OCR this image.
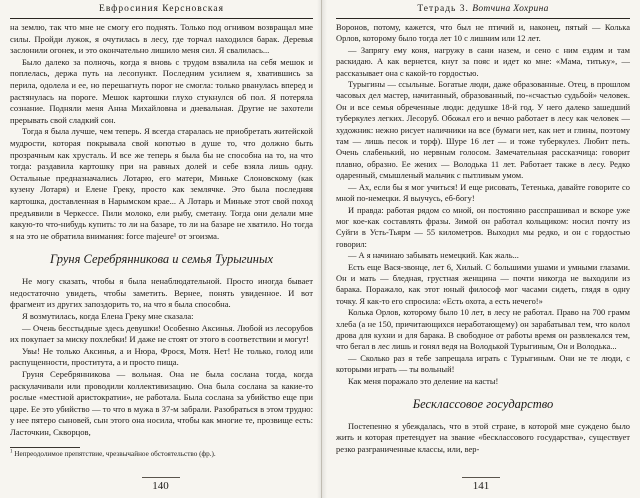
Евфросиния Керсновская

на землю, так что мне не смогу его поднять. Только под огнивом возвращал мне силы. Пройди лужок, я очутилась в лесу, где торчал находился барак. Деревья заслонили огонек, и это окончательно лишило меня сил. Я свалилась...

Было далеко за полночь, когда я вновь с трудом взвалила на себя мешок и поплелась, держа путь на лесопункт. Последним усилием я, хватившись за перила, одолела и ее, но перешагнуть порог не смогла: только рванулась вперед и растянулась на пороге. Мешок картошки глухо стукнулся об пол. Я потеряла сознание. Подняли меня Анна Михайловна и дневальная. Другие не захотели прерывать свой сладкий сон.

Тогда я была лучше, чем теперь. Я всегда старалась не приобретать житейской мудрости, которая покрывала свой копотью в душе то, что должно быть прозрачным как хрусталь. И все же теперь я была бы не способна на то, на что тогда: раздавила картошку при на равных долей и себе взяла лишь одну. Остальные предназначались Лотарю, его матери, Миньке Слоновскому (как кузену Лотаря) и Елене Греку, просто как землячке. Это была последняя картошка, доставленная в Нарымском крае... А Лотарь и Миньке этот свой поход предъявили в Черкессе. Пили молоко, ели рыбу, сметану. Тогда они делали мне какую-то что-нибудь купить: то ли на базаре, то ли на базаре не хватило. Но тогда я на это не обратила внимания: force majeure¹ от эгоизма.

Груня Серебрянникова и семья Турыгиных

Не могу сказать, чтобы я была ненаблюдательной. Просто иногда бывает недостаточно увидеть, чтобы заметить. Вернее, понять увиденное. И вот фрагмент из других запоздорить то, на что я была способна.

Я возмутилась, когда Елена Греку мне сказала:

— Очень бесстыдные здесь девушки! Особенно Аксинья. Любой из лесорубов их покупает за миску похлебки! И даже не стоят от этого в соответствии и могут!

Увы! Не только Аксинья, а и Нюра, Фрося, Мотя. Нет! Не только, голод или распущенности, проститута, а и просто пища.

Груня Серебрянникова — вольная. Она не была сослана тогда, когда раскулачивали или проводили коллективизацию. Она была сослана за какие-то рослые «местной аристократии», не работала. Была сослана за убийство еще при царе. Ее это убийство — то что в мужа в 37-м забрали. Разобраться в этом трудно: у нее пятеро сыновей, сын этого она носила, чтобы как многие те, прозвище есть: Ласточкин, Скворцов,

$^1$ Непреодолимое препятствие, чрезвычайное обстоятельство (фр.).
140
Тетрадь 3. Вотчина Хохрина

Воронов, потому, кажется, что был не птичий и, наконец, пятый — Колька Орлов, которому было тогда лет 10 с лишним или 12 лет.

— Запрягу ему коня, нагружу в сани назем, и сено с ним ездим и там раскидаю. А как вернется, кнут за пояс и идет ко мне: «Мама, титьку», — рассказывает она с какой-то гордостью.

Турыгины — ссыльные. Богатые люди, даже образованные. Отец, в прошлом часовых дел мастер, начитанный, образованный, по-«счастью судьбой» человек. Он и все семья обреченные люди: дедушке 18-й год. У него далеко зашедший туберкулез легких. Лесоруб. Обожал его и вечно работает в лесу как человек — художник: нежно рисует наличники на все (бумаги нет, как нет и глины, поэтому там — лишь песок и торф). Шуре 16 лет — и тоже туберкулез. Любит петь. Очень слабенький, но нервным голосом. Замечательная рассказчица: говорит плавно, образно. Ее жених — Володька 11 лет. Работает также в лесу. Редко одаренный, смышленый мальчик с пытливым умом.

— Ах, если бы я мог учиться! И еще рисовать, Тетенька, давайте говорите со мной по-немецки. Я выучусь, еб-богу!

И правда: работая рядом со мной, он постоянно расспрашивал и вскоре уже мог кое-как составлять фразы. Зимой он работал кольщиком: носил почту из Суйги в Усть-Тьярм — 55 километров. Выходил мы редко, и он с гордостью говорил:

— А я начинаю забывать немецкий. Как жаль...

Есть еще Вася-звонце, лет 6, Хилый. С большими ушами и умными глазами. Он и мать — бледная, грустная женщина — почти никогда не выходили из барака. Поражало, как этот юный философ мог часами сидеть, глядя в одну точку. Я как-то его спросила: «Есть охота, а есть нечего!»

Колька Орлов, которому было 10 лет, в лесу не работал. Право на 700 грамм хлеба (а не 150, причитающихся неработающему) он зарабатывал тем, что колол дрова для кухни и для барака. В свободное от работы время он развлекался тем, что бегал в лес лишь и гонял ведя на Володькой Турыгиным, Он и Володька...

— Сколько раз я тебе запрещала играть с Турыгиным. Они не те люди, с которыми играть — ты вольный!

Как меня поражало это деление на касты!

Бесклассовое государство

Постепенно я убеждалась, что в этой стране, в которой мне суждено было жить и которая претендует на звание «бесклассового государства», существует резко разграниченные классы, или, вер-

141
